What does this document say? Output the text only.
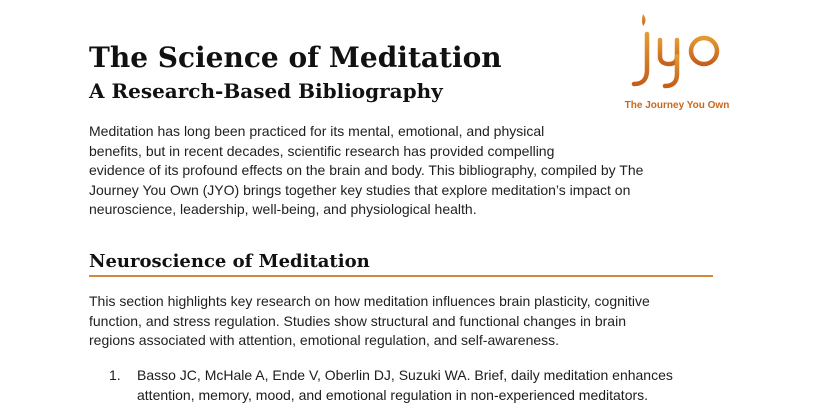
The Science of Meditation
A Research-Based Bibliography
The Journey You Own

Meditation has long been practiced for its mental, emotional, and physical
benefits, but in recent decades, scientific research has provided compelling
evidence of its profound effects on the brain and body. This bibliography, compiled by The
Journey You Own (JYO) brings together key studies that explore meditation’s impact on
neuroscience, leadership, well-being, and physiological health.

Neuroscience of Meditation

This section highlights key research on how meditation influences brain plasticity, cognitive
function, and stress regulation. Studies show structural and functional changes in brain
regions associated with attention, emotional regulation, and self-awareness.

1. Basso JC, McHale A, Ende V, Oberlin DJ, Suzuki WA. Brief, daily meditation enhances
attention, memory, mood, and emotional regulation in non-experienced meditators.
